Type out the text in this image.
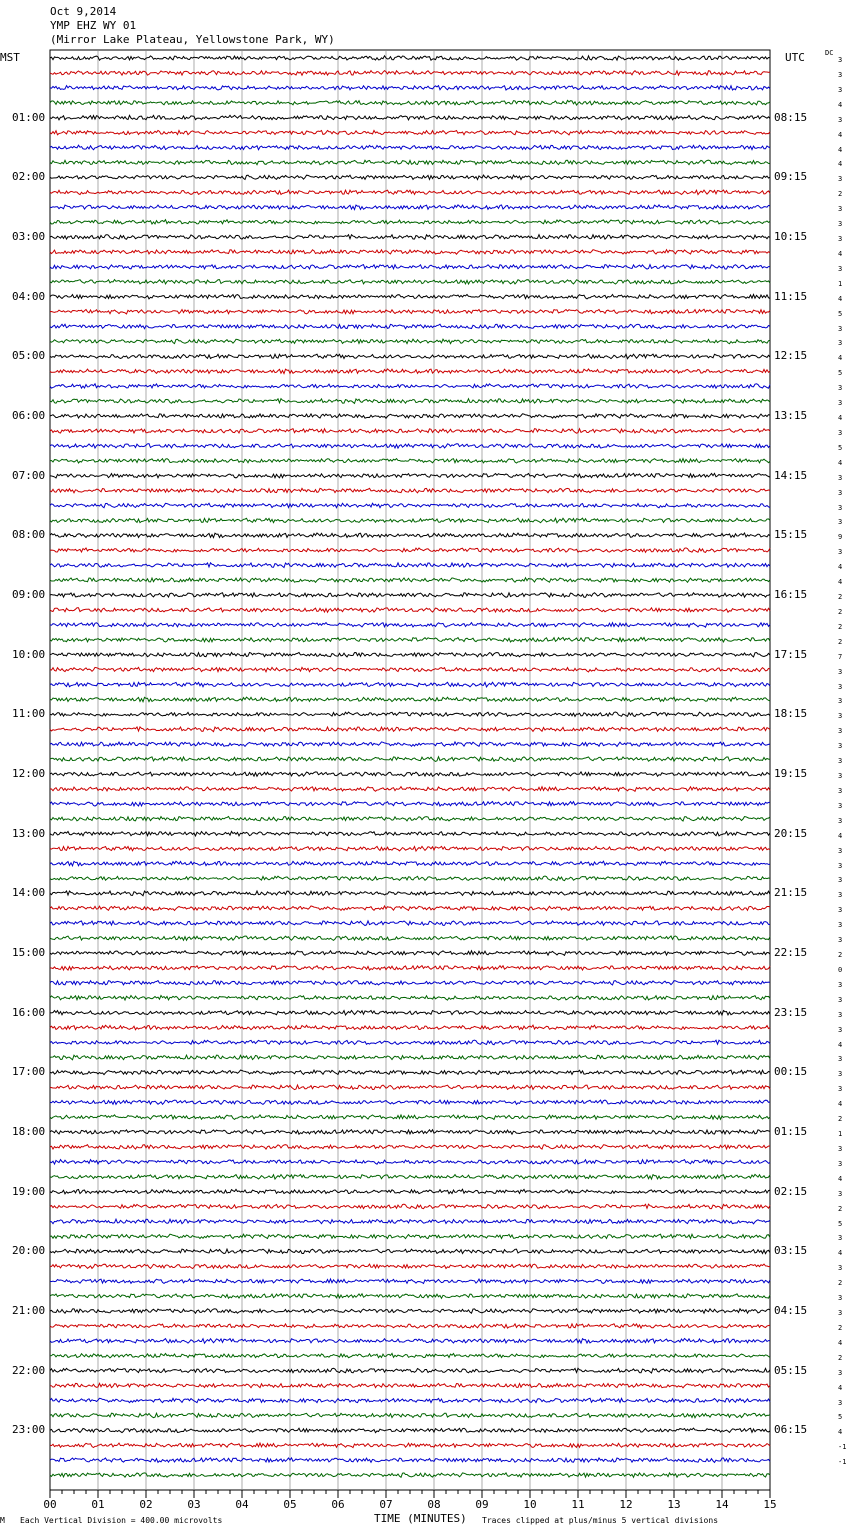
Oct 9,2014
YMP EHZ WY 01
(Mirror Lake Plateau, Yellowstone Park, WY)
MST	UTC	DC
00	01	02	03	04	05	06	07	08	09	10	11	12	13	14	15
01:00
02:00
03:00
04:00
05:00
06:00
07:00
08:00
09:00
10:00
11:00
12:00
13:00
14:00
15:00
16:00
17:00
18:00
19:00
20:00
21:00
22:00
23:00
08:15
09:15
10:15
11:15
12:15
13:15
14:15
15:15
16:15
17:15
18:15
19:15
20:15
21:15
22:15
23:15
00:15
01:15
02:15
03:15
04:15
05:15
06:15
3
3
3
4
3
4
4
4
3
2
3
3
3
4
3
1
4
5
3
3
4
5
3
3
4
3
5
4
3
3
3
3
9
3
4
4
2
2
2
2
7
3
3
3
3
3
3
3
3
3
3
3
4
3
3
3
3
3
3
3
2
0
3
3
3
3
4
3
3
3
4
2
1
3
3
4
3
2
5
3
4
3
2
3
3
2
4
2
3
4
3
5
4
-1
-1
M Each Vertical Division = 400.00 microvolts	TIME (MINUTES) Traces clipped at plus/minus 5 vertical divisions
